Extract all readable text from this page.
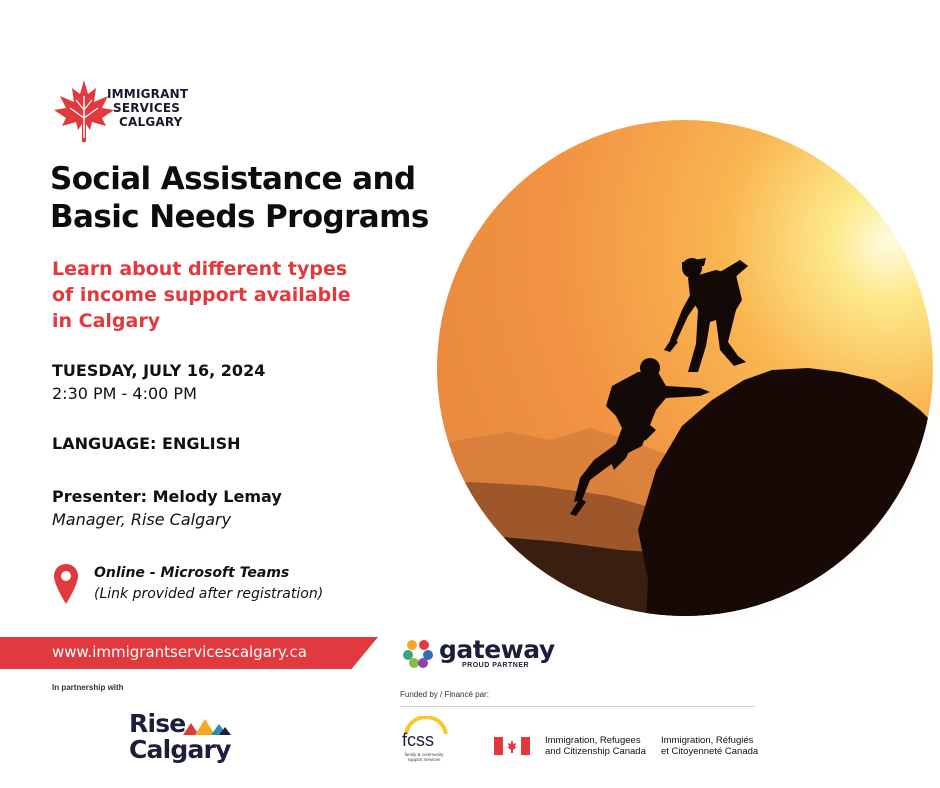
IMMIGRANT
SERVICES
CALGARY
Social Assistance and
Basic Needs Programs
Learn about different types
of income support available
in Calgary
TUESDAY, JULY 16, 2024
2:30 PM - 4:00 PM
LANGUAGE: ENGLISH
Presenter: Melody Lemay
Manager, Rise Calgary
Online - Microsoft Teams
(Link provided after registration)
www.immigrantservicescalgary.ca	gateway
PROUD PARTNER
In partnership with
Rise
Calgary
Funded by / Financé par:
fcss
family & community support services
Immigration, Refugees
and Citizenship Canada
Immigration, Réfugiés
et Citoyenneté Canada
